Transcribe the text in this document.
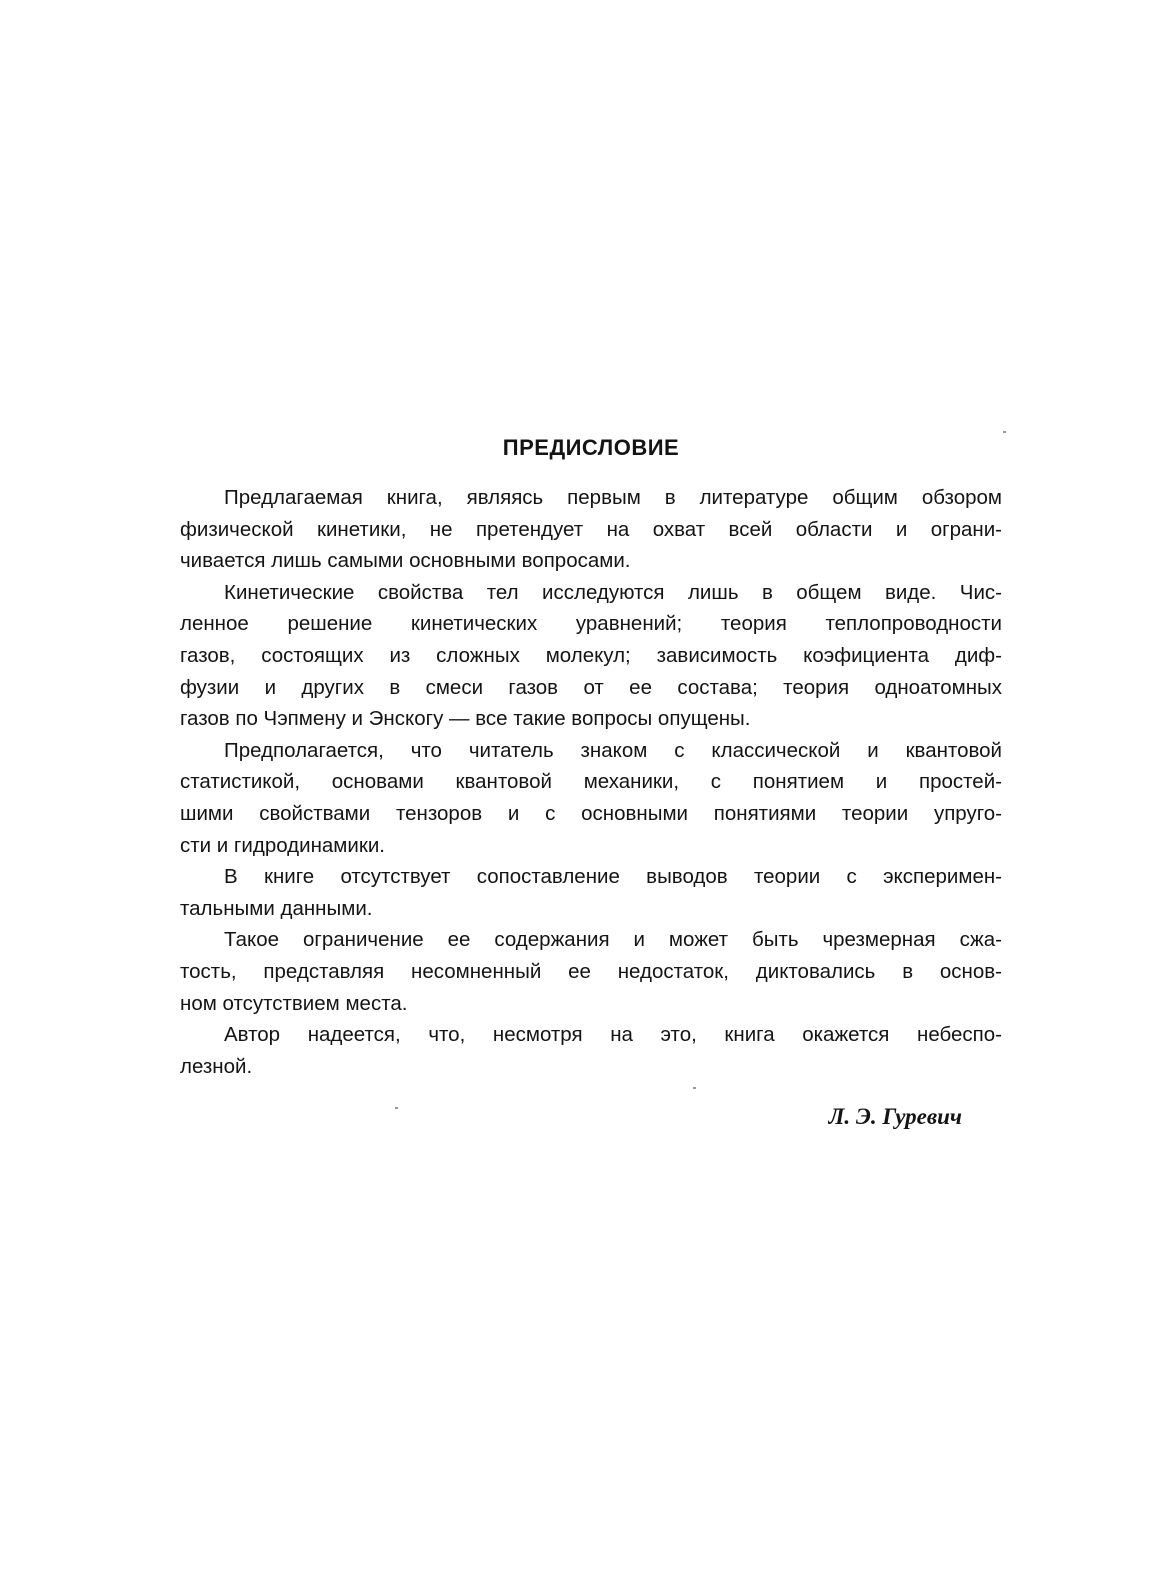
ПРЕДИСЛОВИЕ

Предлагаемая книга, являясь первым в литературе общим обзором
физической кинетики, не претендует на охват всей области и ограни-
чивается лишь самыми основными вопросами.

Кинетические свойства тел исследуются лишь в общем виде. Чис-
ленное решение кинетических уравнений; теория теплопроводности
газов, состоящих из сложных молекул; зависимость коэфициента диф-
фузии и других в смеси газов от ее состава; теория одноатомных
газов по Чэпмену и Энскогу — все такие вопросы опущены.

Предполагается, что читатель знаком с классической и квантовой
статистикой, основами квантовой механики, с понятием и простей-
шими свойствами тензоров и с основными понятиями теории упруго-
сти и гидродинамики.

В книге отсутствует сопоставление выводов теории с эксперимен-
тальными данными.

Такое ограничение ее содержания и может быть чрезмерная сжа-
тость, представляя несомненный ее недостаток, диктовались в основ-
ном отсутствием места.

Автор надеется, что, несмотря на это, книга окажется небеспо-
лезной.

Л. Э. Гуревич
